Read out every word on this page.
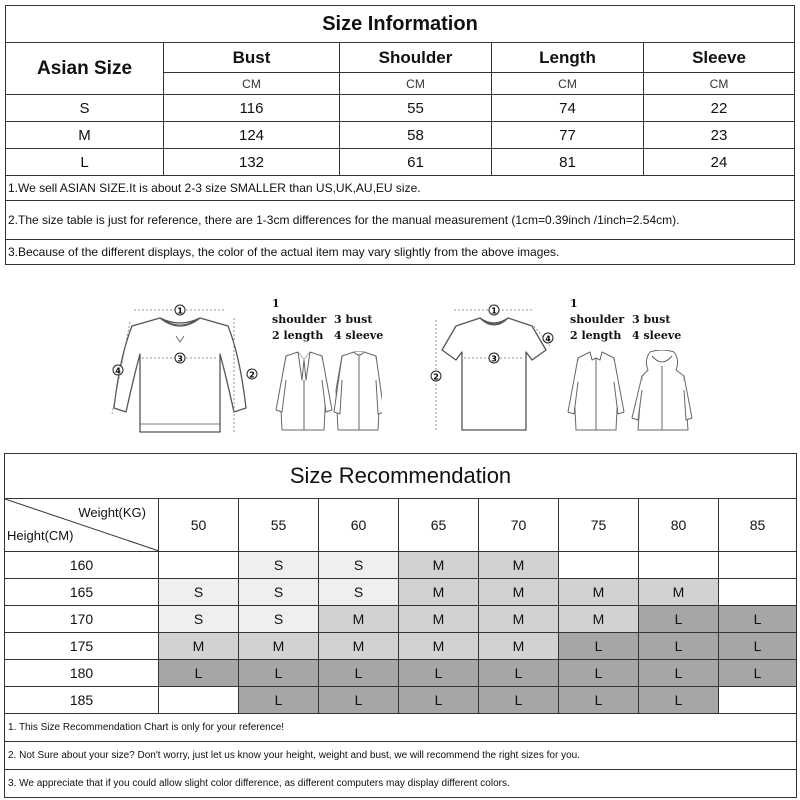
Size Information				
Asian Size	Bust	Shoulder	Length	Sleeve
	CM	CM	CM	CM
S	116	55	74	22
M	124	58	77	23
L	132	61	81	24
1.We sell ASIAN SIZE.It is about 2-3 size SMALLER than US,UK,AU,EU size.				
2.The size table is just for reference, there are 1-3cm differences for the manual measurement (1cm=0.39inch /1inch=2.54cm).				
3.Because of the different displays, the color of the actual item may vary slightly from the above images.				
1
2
3
4
1 shoulder 3 bust
2 length 4 sleeve
1
2
3
4
1 shoulder 3 bust
2 length 4 sleeve
Size Recommendation								

Weight(KG)
Height(CM)	50	55	60	65	70	75	80	85
160		S	S	M	M			
165	S	S	S	M	M	M	M	
170	S	S	M	M	M	M	L	L
175	M	M	M	M	M	L	L	L
180	L	L	L	L	L	L	L	L
185		L	L	L	L	L	L	
1. This Size Recommendation Chart is only for your reference!								
2. Not Sure about your size? Don't worry, just let us know your height, weight and bust, we will recommend the right sizes for you.								
3. We appreciate that if you could allow slight color difference, as different computers may display different colors.								
